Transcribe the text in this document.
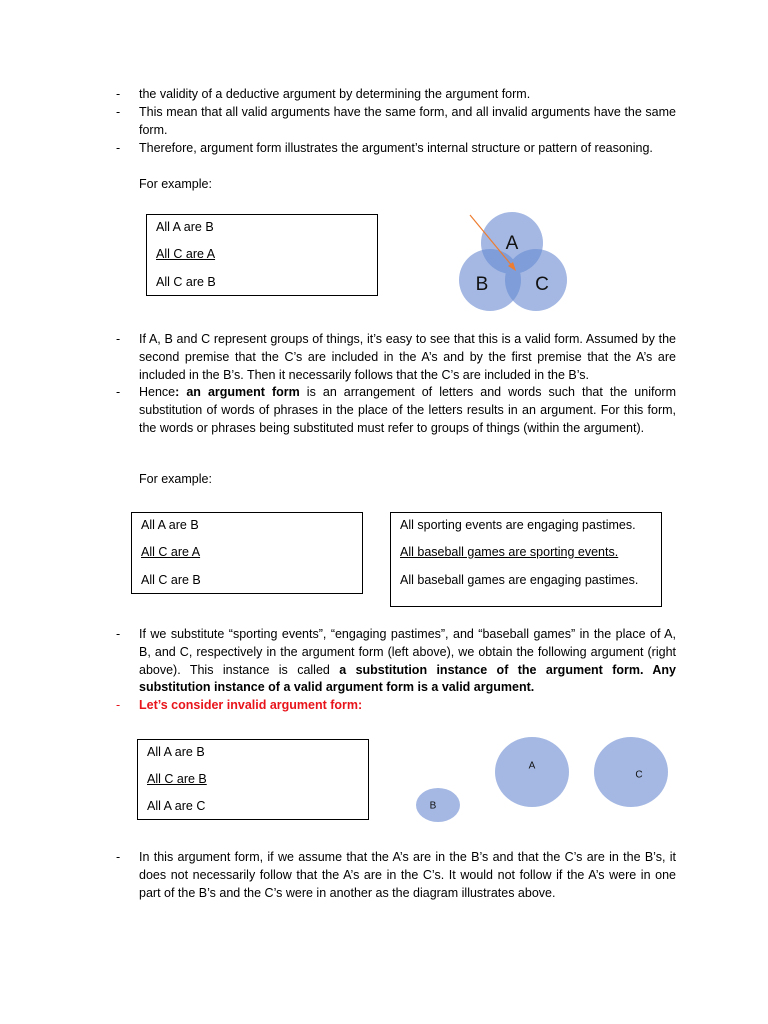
- the validity of a deductive argument by determining the argument form.
- This mean that all valid arguments have the same form, and all invalid arguments have the same form.
- Therefore, argument form illustrates the argument’s internal structure or pattern of reasoning.
For example:
All A are B
All C are A
All C are B
A
B C
- If A, B and C represent groups of things, it’s easy to see that this is a valid form. Assumed by the second premise that the C’s are included in the A’s and by the first premise that the A’s are included in the B’s. Then it necessarily follows that the C’s are included in the B’s.
- Hence: an argument form is an arrangement of letters and words such that the uniform substitution of words of phrases in the place of the letters results in an argument. For this form, the words or phrases being substituted must refer to groups of things (within the argument).
For example:
All A are B
All C are A
All C are B
All sporting events are engaging pastimes.
All baseball games are sporting events.
All baseball games are engaging pastimes.
- If we substitute “sporting events”, “engaging pastimes”, and “baseball games” in the place of A, B, and C, respectively in the argument form (left above), we obtain the following argument (right above). This instance is called a substitution instance of the argument form. Any substitution instance of a valid argument form is a valid argument.
- Let’s consider invalid argument form:
All A are B
All C are B
All A are C
A
B
C
- In this argument form, if we assume that the A’s are in the B’s and that the C’s are in the B’s, it does not necessarily follow that the A’s are in the C’s. It would not follow if the A’s were in one part of the B’s and the C’s were in another as the diagram illustrates above.
